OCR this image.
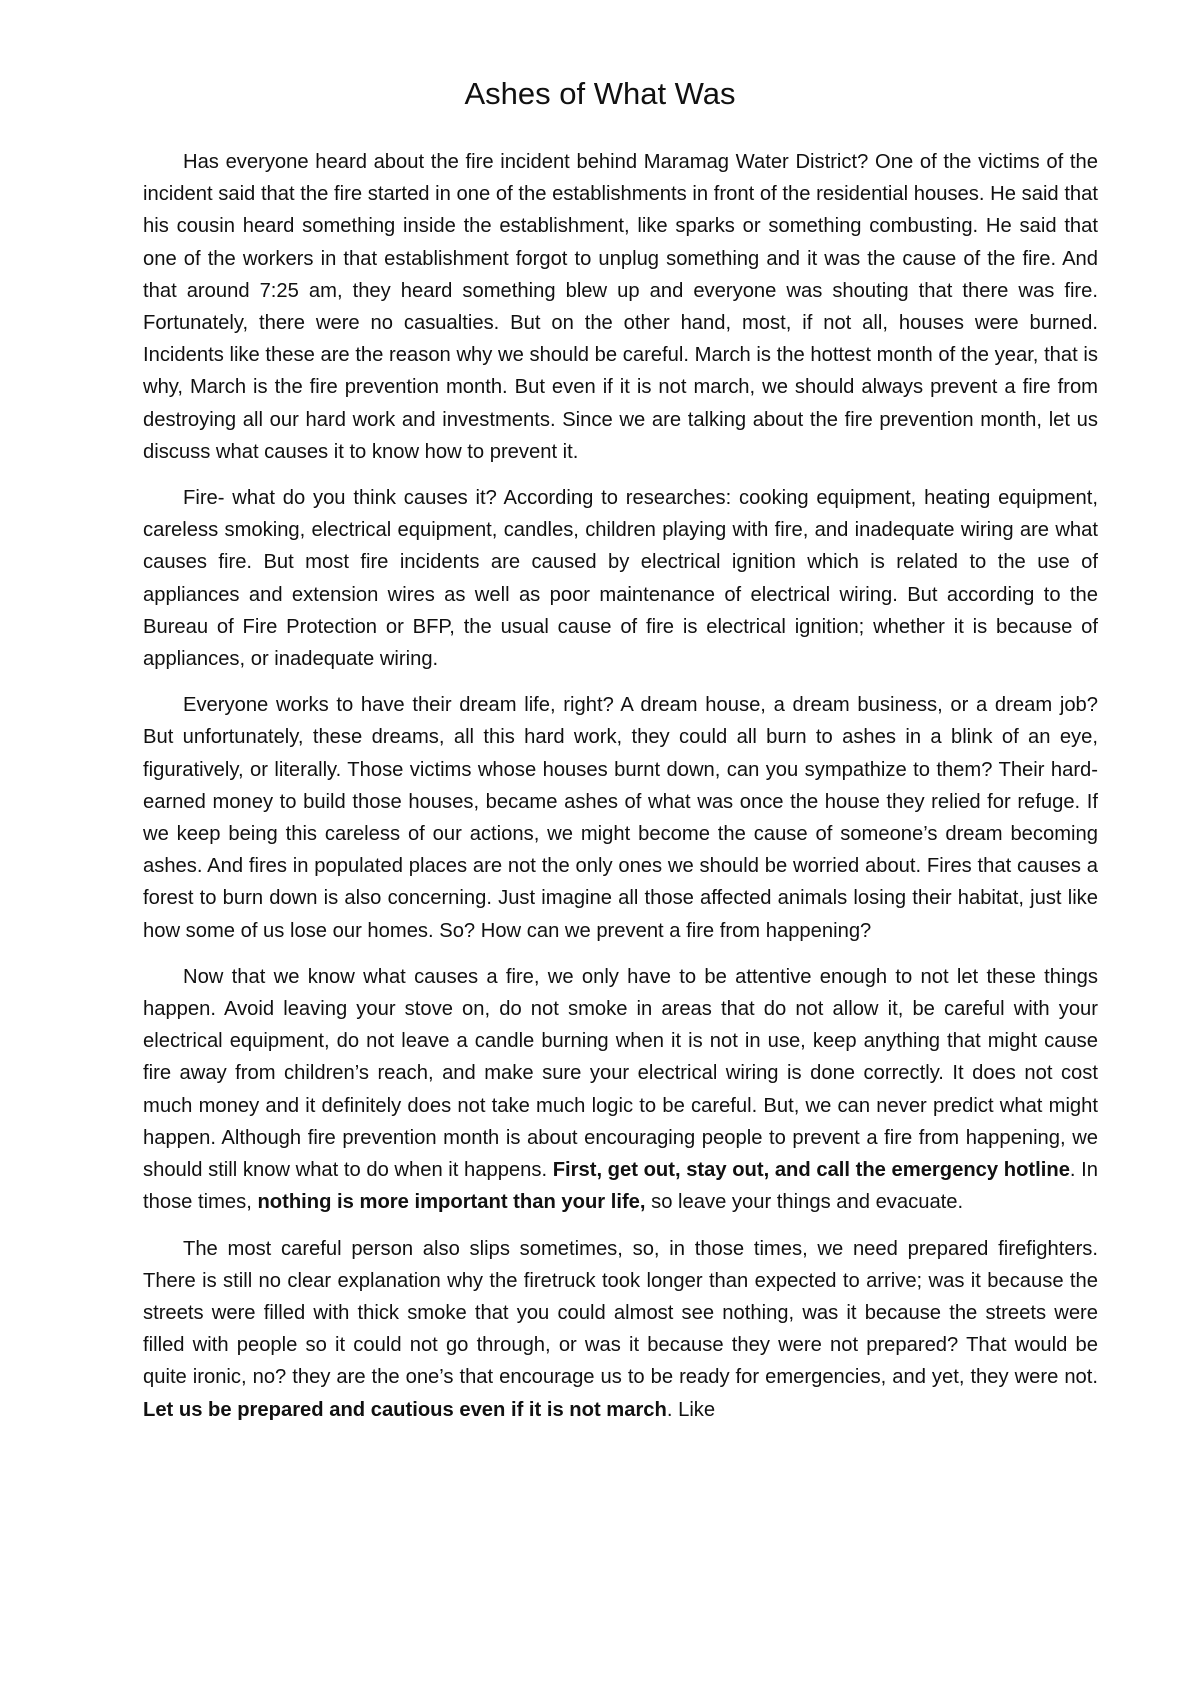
Ashes of What Was

Has everyone heard about the fire incident behind Maramag Water District? One of the victims of the incident said that the fire started in one of the establishments in front of the residential houses. He said that his cousin heard something inside the establishment, like sparks or something combusting. He said that one of the workers in that establishment forgot to unplug something and it was the cause of the fire. And that around 7:25 am, they heard something blew up and everyone was shouting that there was fire. Fortunately, there were no casualties. But on the other hand, most, if not all, houses were burned. Incidents like these are the reason why we should be careful. March is the hottest month of the year, that is why, March is the fire prevention month. But even if it is not march, we should always prevent a fire from destroying all our hard work and investments. Since we are talking about the fire prevention month, let us discuss what causes it to know how to prevent it.

Fire- what do you think causes it? According to researches: cooking equipment, heating equipment, careless smoking, electrical equipment, candles, children playing with fire, and inadequate wiring are what causes fire. But most fire incidents are caused by electrical ignition which is related to the use of appliances and extension wires as well as poor maintenance of electrical wiring. But according to the Bureau of Fire Protection or BFP, the usual cause of fire is electrical ignition; whether it is because of appliances, or inadequate wiring.

Everyone works to have their dream life, right? A dream house, a dream business, or a dream job? But unfortunately, these dreams, all this hard work, they could all burn to ashes in a blink of an eye, figuratively, or literally. Those victims whose houses burnt down, can you sympathize to them? Their hard-earned money to build those houses, became ashes of what was once the house they relied for refuge. If we keep being this careless of our actions, we might become the cause of someone’s dream becoming ashes. And fires in populated places are not the only ones we should be worried about. Fires that causes a forest to burn down is also concerning. Just imagine all those affected animals losing their habitat, just like how some of us lose our homes. So? How can we prevent a fire from happening?

Now that we know what causes a fire, we only have to be attentive enough to not let these things happen. Avoid leaving your stove on, do not smoke in areas that do not allow it, be careful with your electrical equipment, do not leave a candle burning when it is not in use, keep anything that might cause fire away from children’s reach, and make sure your electrical wiring is done correctly. It does not cost much money and it definitely does not take much logic to be careful. But, we can never predict what might happen. Although fire prevention month is about encouraging people to prevent a fire from happening, we should still know what to do when it happens. First, get out, stay out, and call the emergency hotline. In those times, nothing is more important than your life, so leave your things and evacuate.

The most careful person also slips sometimes, so, in those times, we need prepared firefighters. There is still no clear explanation why the firetruck took longer than expected to arrive; was it because the streets were filled with thick smoke that you could almost see nothing, was it because the streets were filled with people so it could not go through, or was it because they were not prepared? That would be quite ironic, no? they are the one’s that encourage us to be ready for emergencies, and yet, they were not. Let us be prepared and cautious even if it is not march. Like
